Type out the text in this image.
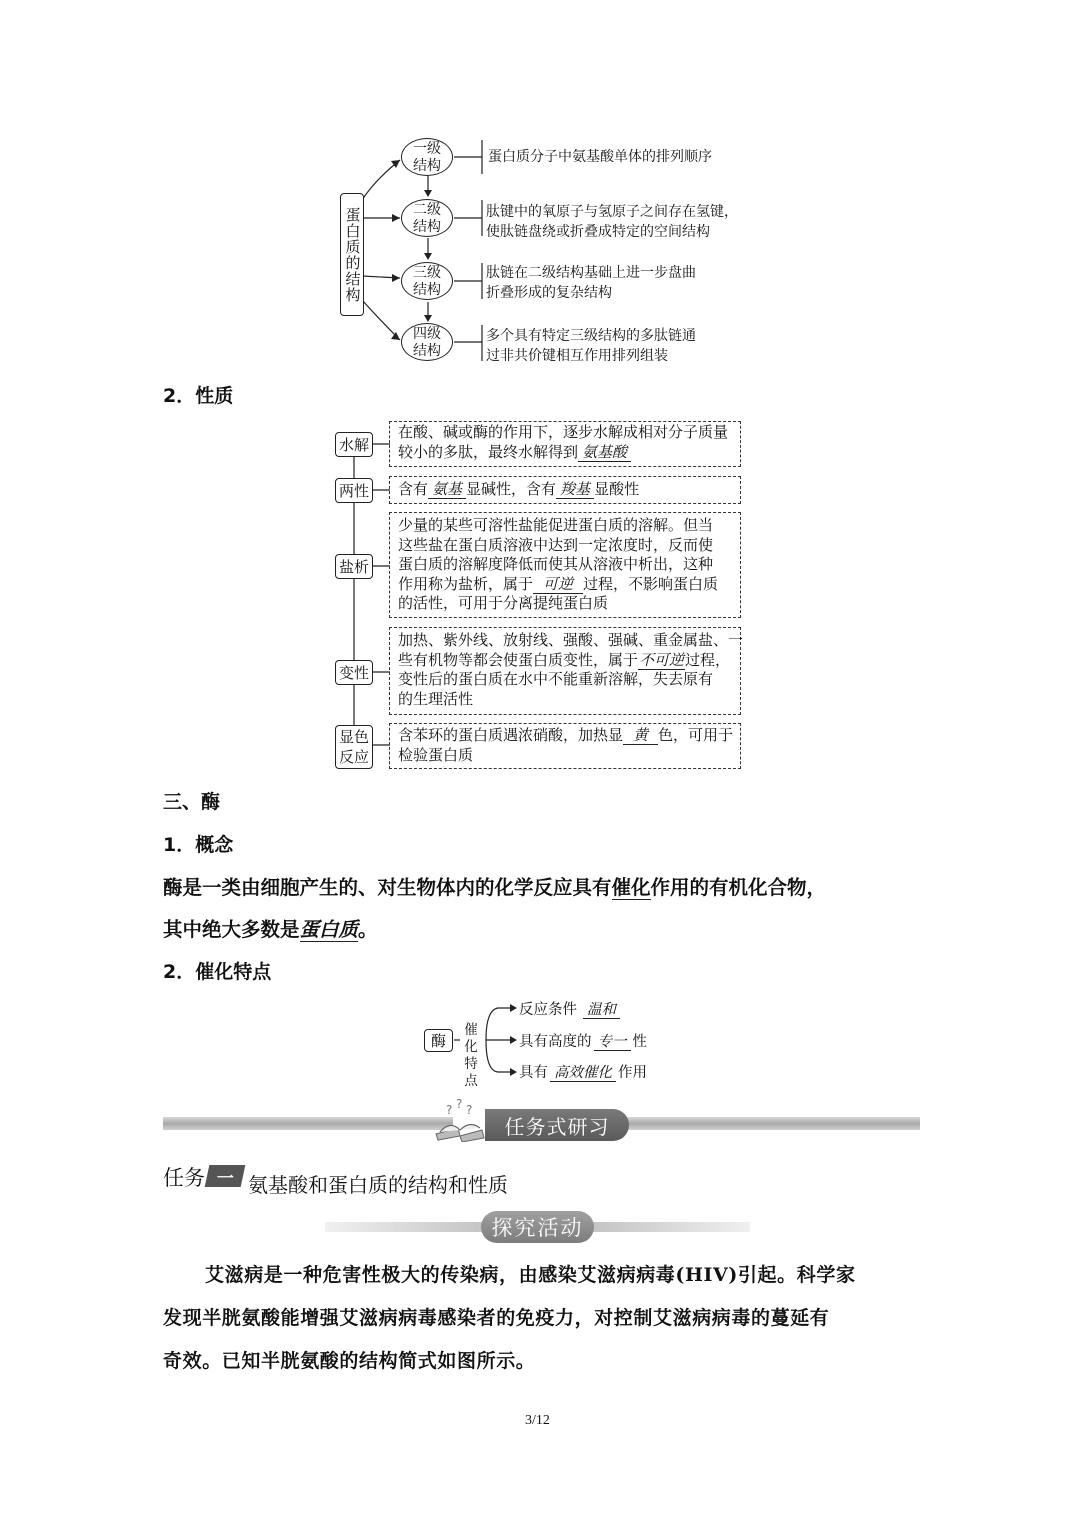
蛋白质的结构
一级
结构
二级
结构
三级
结构
四级
结构
蛋白质分子中氨基酸单体的排列顺序
肽键中的氧原子与氢原子之间存在氢键，
使肽链盘绕或折叠成特定的空间结构
肽链在二级结构基础上进一步盘曲
折叠形成的复杂结构
多个具有特定三级结构的多肽链通
过非共价键相互作用排列组装
2．性质
水解
两性
盐析
变性
显色
反应
在酸、碱或酶的作用下，逐步水解成相对分子质量
较小的多肽，最终水解得到 氨基酸
含有 氨基 显碱性，含有 羧基 显酸性
少量的某些可溶性盐能促进蛋白质的溶解。但当
这些盐在蛋白质溶液中达到一定浓度时，反而使
蛋白质的溶解度降低而使其从溶液中析出，这种
作用称为盐析，属于 可逆 过程，不影响蛋白质
的活性，可用于分离提纯蛋白质
加热、紫外线、放射线、强酸、强碱、重金属盐、一
些有机物等都会使蛋白质变性，属于不可逆过程，
变性后的蛋白质在水中不能重新溶解，失去原有
的生理活性
含苯环的蛋白质遇浓硝酸，加热显 黄 色，可用于
检验蛋白质
三、酶
1．概念
酶是一类由细胞产生的、对生物体内的化学反应具有催化作用的有机化合物，
其中绝大多数是蛋白质。
2．催化特点
酶
催化
特点
反应条件 温和
具有高度的 专一 性
具有 高效催化 作用
? ? ?
任务式研习
任务 一 氨基酸和蛋白质的结构和性质
探究活动
艾滋病是一种危害性极大的传染病，由感染艾滋病病毒(HIV)引起。科学家
发现半胱氨酸能增强艾滋病病毒感染者的免疫力，对控制艾滋病病毒的蔓延有
奇效。已知半胱氨酸的结构简式如图所示。
3/12
